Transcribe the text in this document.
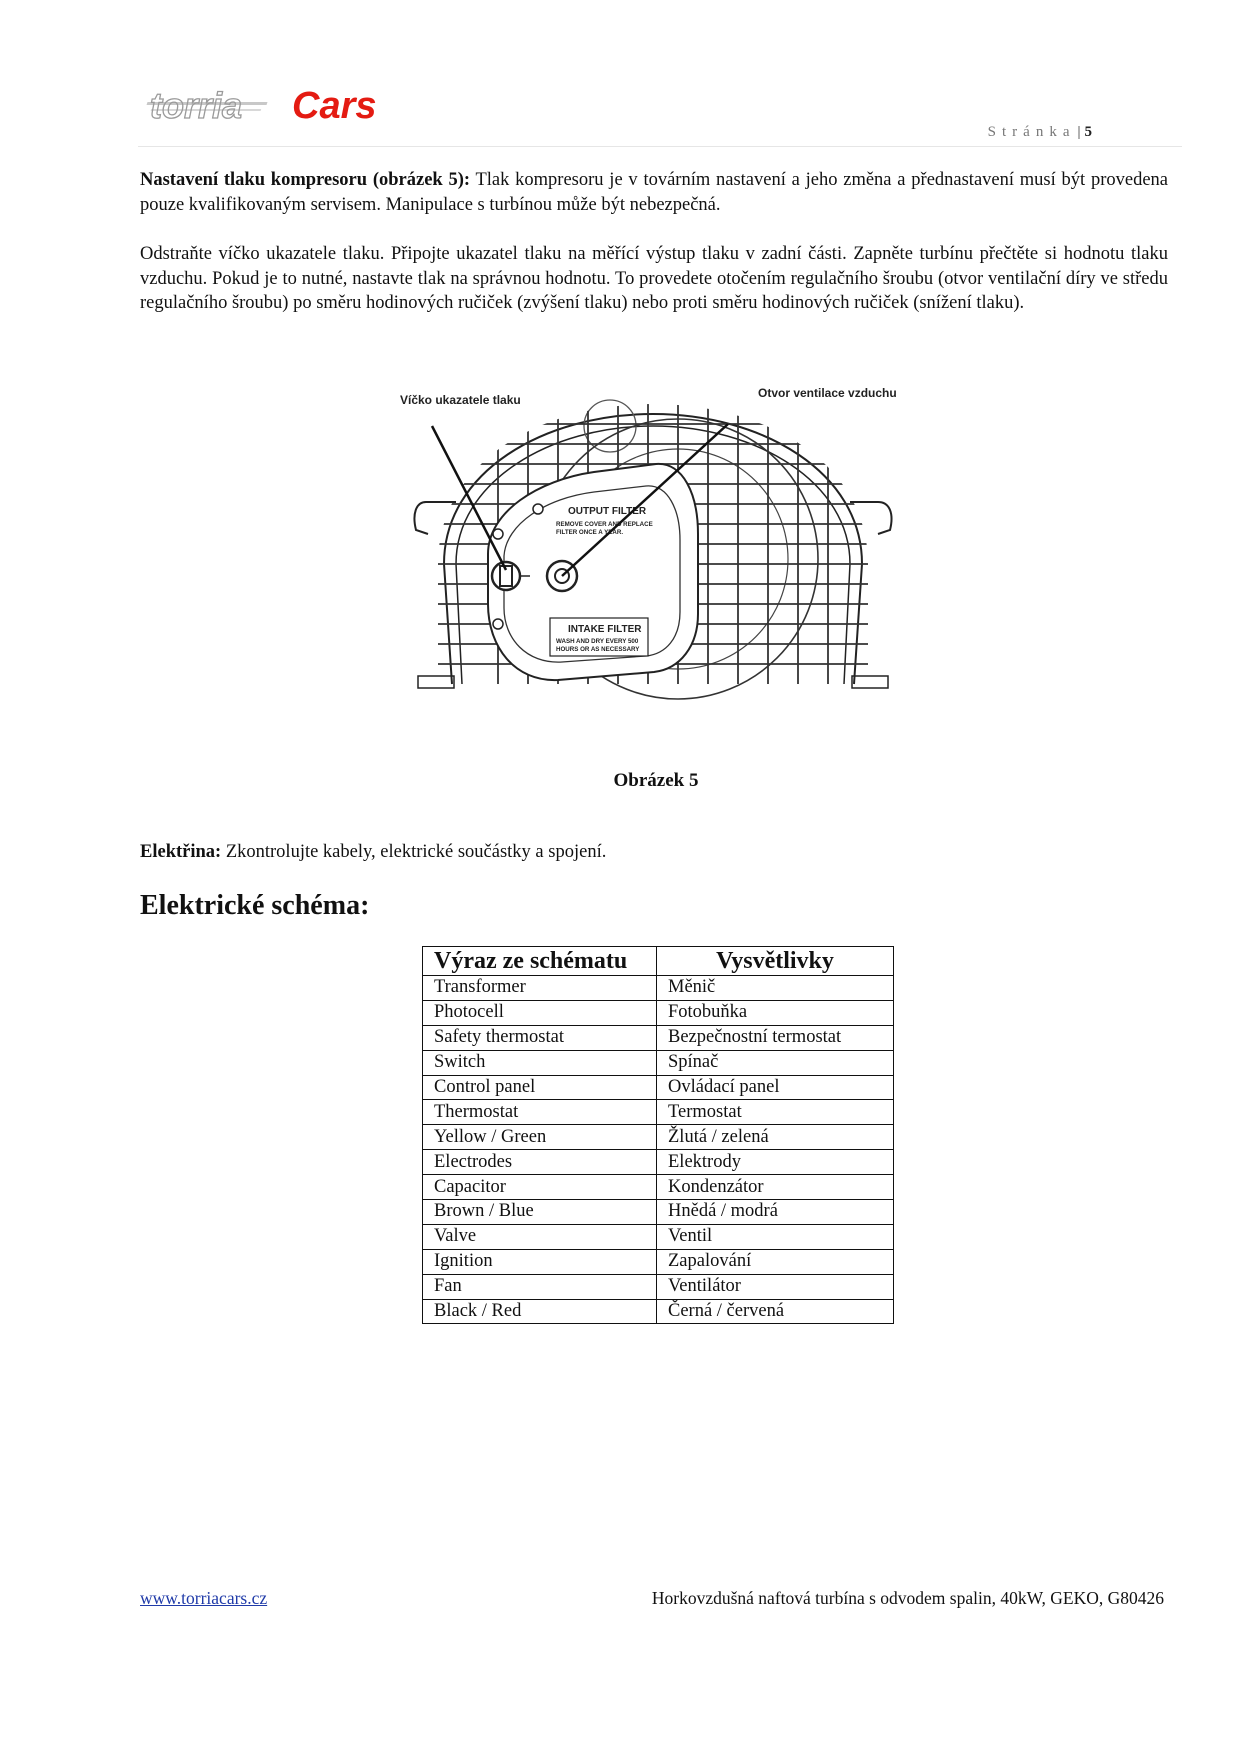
torria Cars
Stránka | 5
Nastavení tlaku kompresoru (obrázek 5): Tlak kompresoru je v továrním nastavení a jeho změna a přednastavení musí být provedena pouze kvalifikovaným servisem. Manipulace s turbínou může být nebezpečná.
Odstraňte víčko ukazatele tlaku. Připojte ukazatel tlaku na měřící výstup tlaku v zadní části. Zapněte turbínu přečtěte si hodnotu tlaku vzduchu. Pokud je to nutné, nastavte tlak na správnou hodnotu. To provedete otočením regulačního šroubu (otvor ventilační díry ve středu regulačního šroubu) po směru hodinových ručiček (zvýšení tlaku) nebo proti směru hodinových ručiček (snížení tlaku).
OUTPUT FILTER
REMOVE COVER AND REPLACE
FILTER ONCE A YEAR.
INTAKE FILTER
WASH AND DRY EVERY 500
HOURS OR AS NECESSARY
Víčko ukazatele tlaku	Otvor ventilace vzduchu
Obrázek 5
Elektřina: Zkontrolujte kabely, elektrické součástky a spojení.
Elektrické schéma:
Výraz ze schématu	Vysvětlivky
Transformer	Měnič
Photocell	Fotobuňka
Safety thermostat	Bezpečnostní termostat
Switch	Spínač
Control panel	Ovládací panel
Thermostat	Termostat
Yellow / Green	Žlutá / zelená
Electrodes	Elektrody
Capacitor	Kondenzátor
Brown / Blue	Hnědá / modrá
Valve	Ventil
Ignition	Zapalování
Fan	Ventilátor
Black / Red	Černá / červená
www.torriacars.cz	Horkovzdušná naftová turbína s odvodem spalin, 40kW, GEKO, G80426
